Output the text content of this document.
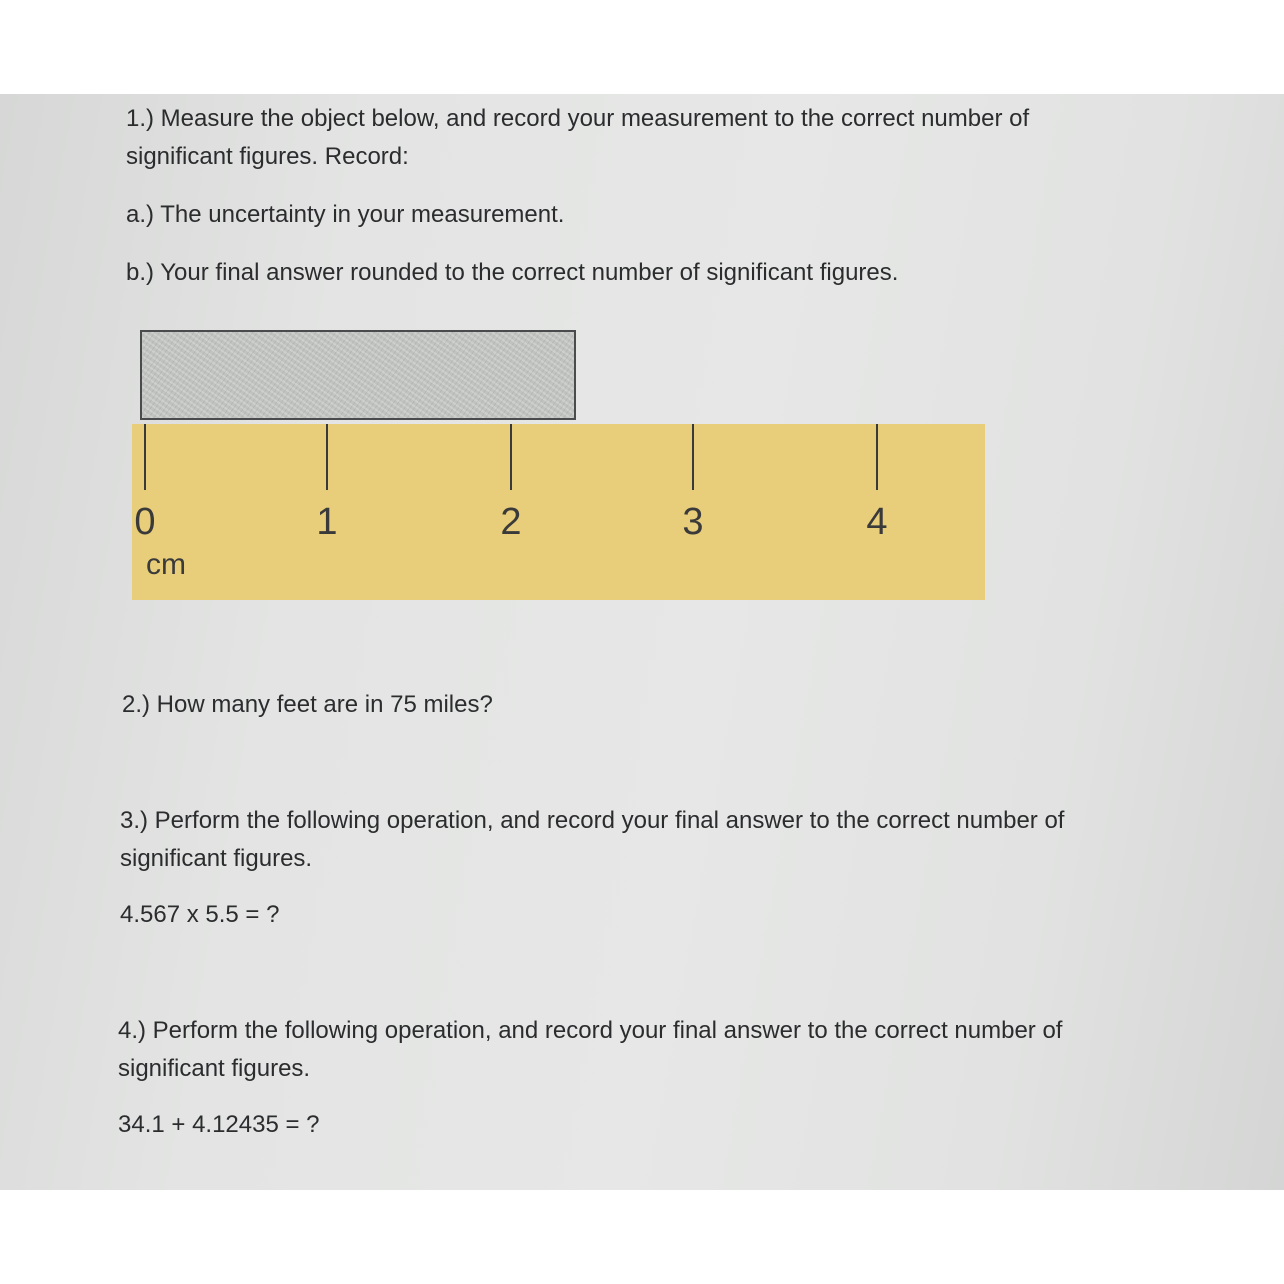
1.) Measure the object below, and record your measurement to the correct number of

significant figures. Record:

a.) The uncertainty in your measurement.

b.) Your final answer rounded to the correct number of significant figures.

0	1	2	3	4
cm

2.) How many feet are in 75 miles?

3.) Perform the following operation, and record your final answer to the correct number of

significant figures.

4.567 x 5.5 = ?

4.) Perform the following operation, and record your final answer to the correct number of

significant figures.

34.1 + 4.12435 = ?
